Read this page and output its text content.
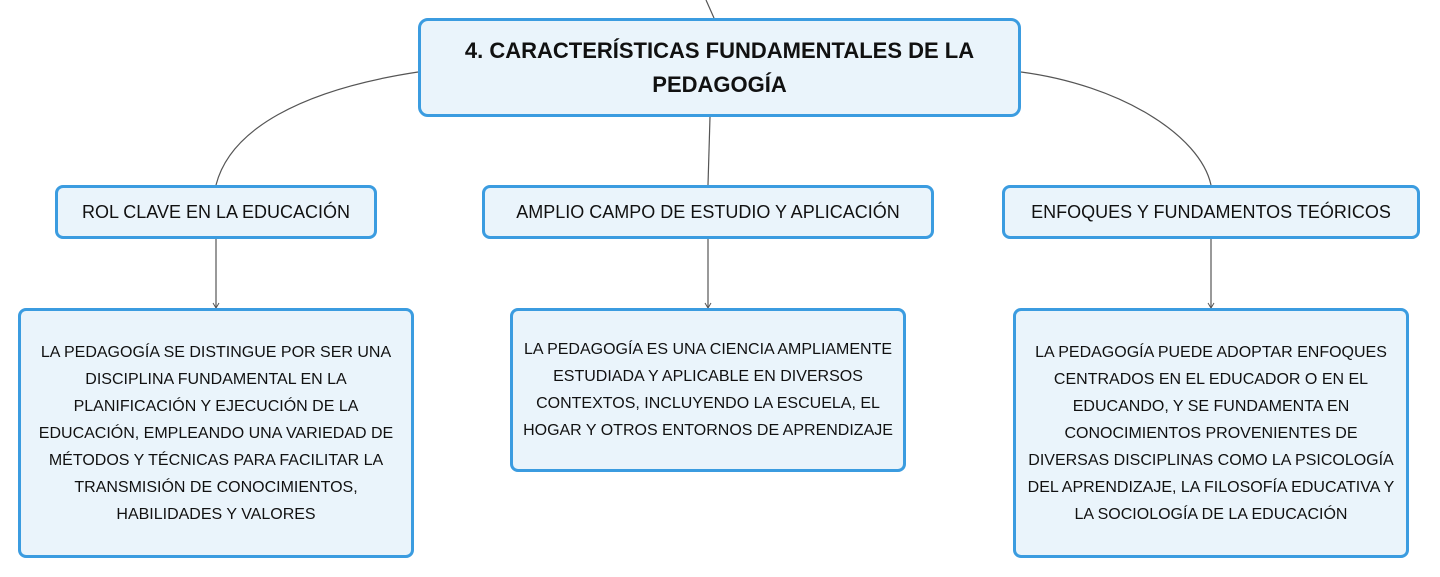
4. CARACTERÍSTICAS FUNDAMENTALES DE LA PEDAGOGÍA
ROL CLAVE EN LA EDUCACIÓN	AMPLIO CAMPO DE ESTUDIO Y APLICACIÓN	ENFOQUES Y FUNDAMENTOS TEÓRICOS
LA PEDAGOGÍA SE DISTINGUE POR SER UNA DISCIPLINA FUNDAMENTAL EN LA PLANIFICACIÓN Y EJECUCIÓN DE LA EDUCACIÓN, EMPLEANDO UNA VARIEDAD DE MÉTODOS Y TÉCNICAS PARA FACILITAR LA TRANSMISIÓN DE CONOCIMIENTOS, HABILIDADES Y VALORES
LA PEDAGOGÍA ES UNA CIENCIA AMPLIAMENTE ESTUDIADA Y APLICABLE EN DIVERSOS CONTEXTOS, INCLUYENDO LA ESCUELA, EL HOGAR Y OTROS ENTORNOS DE APRENDIZAJE
LA PEDAGOGÍA PUEDE ADOPTAR ENFOQUES CENTRADOS EN EL EDUCADOR O EN EL EDUCANDO, Y SE FUNDAMENTA EN CONOCIMIENTOS PROVENIENTES DE DIVERSAS DISCIPLINAS COMO LA PSICOLOGÍA DEL APRENDIZAJE, LA FILOSOFÍA EDUCATIVA Y LA SOCIOLOGÍA DE LA EDUCACIÓN
